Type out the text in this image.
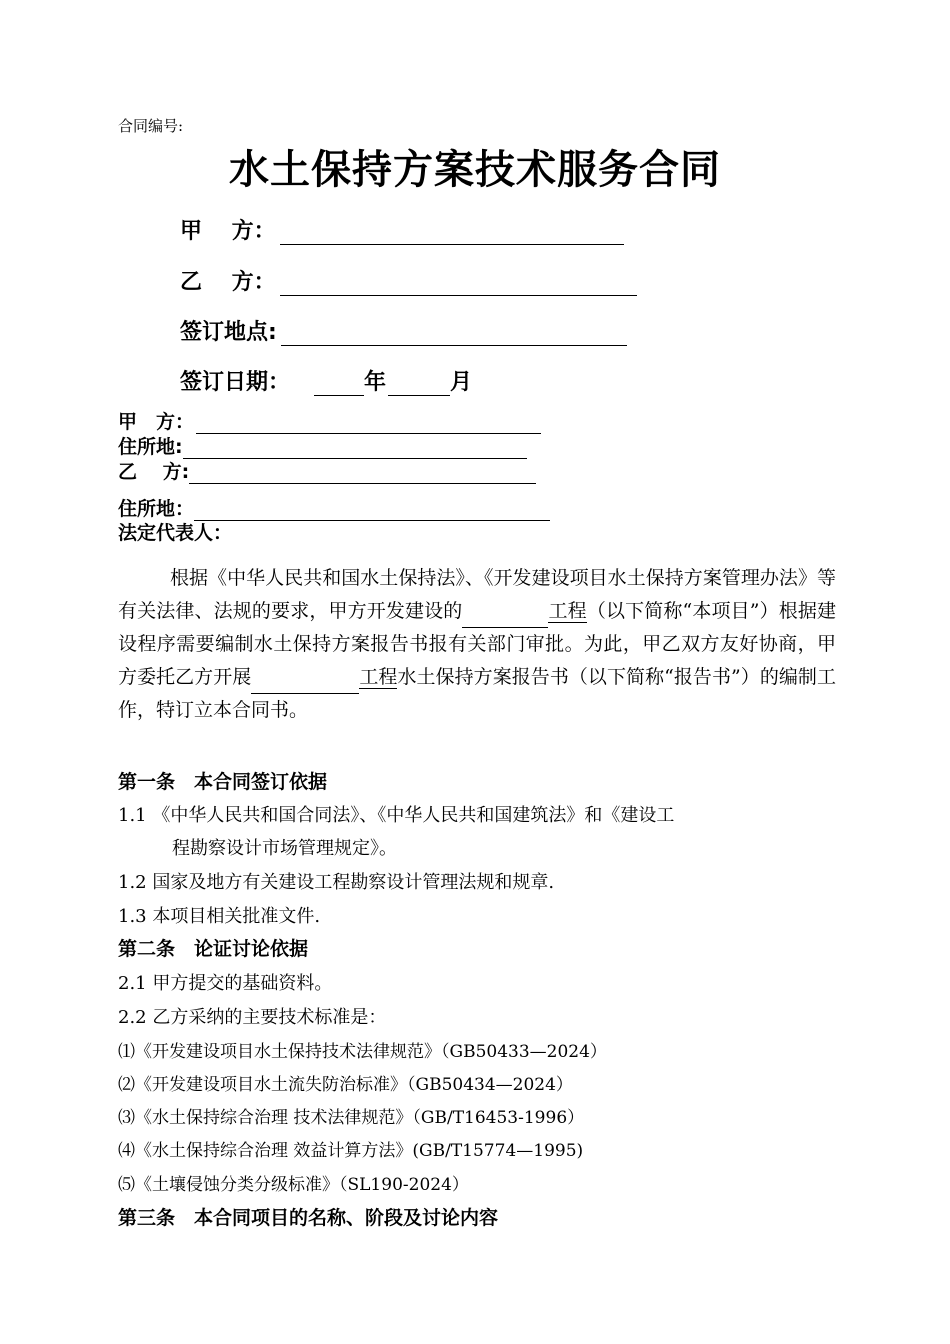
合同编号:
水土保持方案技术服务合同
甲　 方：
乙　 方：
签订地点:
签订日期：	年	月
甲　方：
住所地:
乙　 方:
住所地：
法定代表人：
根据《中华人民共和国水土保持法》、《开发建设项目水土保持方案管理办法》等有关法律、法规的要求，甲方开发建设的	工程（以下简称“本项目”）根据建设程序需要编制水土保持方案报告书报有关部门审批。为此，甲乙双方友好协商，甲方委托乙方开展	工程水土保持方案报告书（以下简称“报告书”）的编制工作，特订立本合同书。
第一条　本合同签订依据
1.1 《中华人民共和国合同法》、《中华人民共和国建筑法》和《建设工
程勘察设计市场管理规定》。
1.2 国家及地方有关建设工程勘察设计管理法规和规章.
1.3 本项目相关批准文件.
第二条　论证讨论依据
2.1 甲方提交的基础资料。
2.2 乙方采纳的主要技术标准是：
⑴《开发建设项目水土保持技术法律规范》（GB50433—2024）
⑵《开发建设项目水土流失防治标准》（GB50434—2024）
⑶《水土保持综合治理 技术法律规范》（GB/T16453-1996）
⑷《水土保持综合治理 效益计算方法》(GB/T15774—1995)
⑸《土壤侵蚀分类分级标准》（SL190-2024）
第三条　本合同项目的名称、阶段及讨论内容
